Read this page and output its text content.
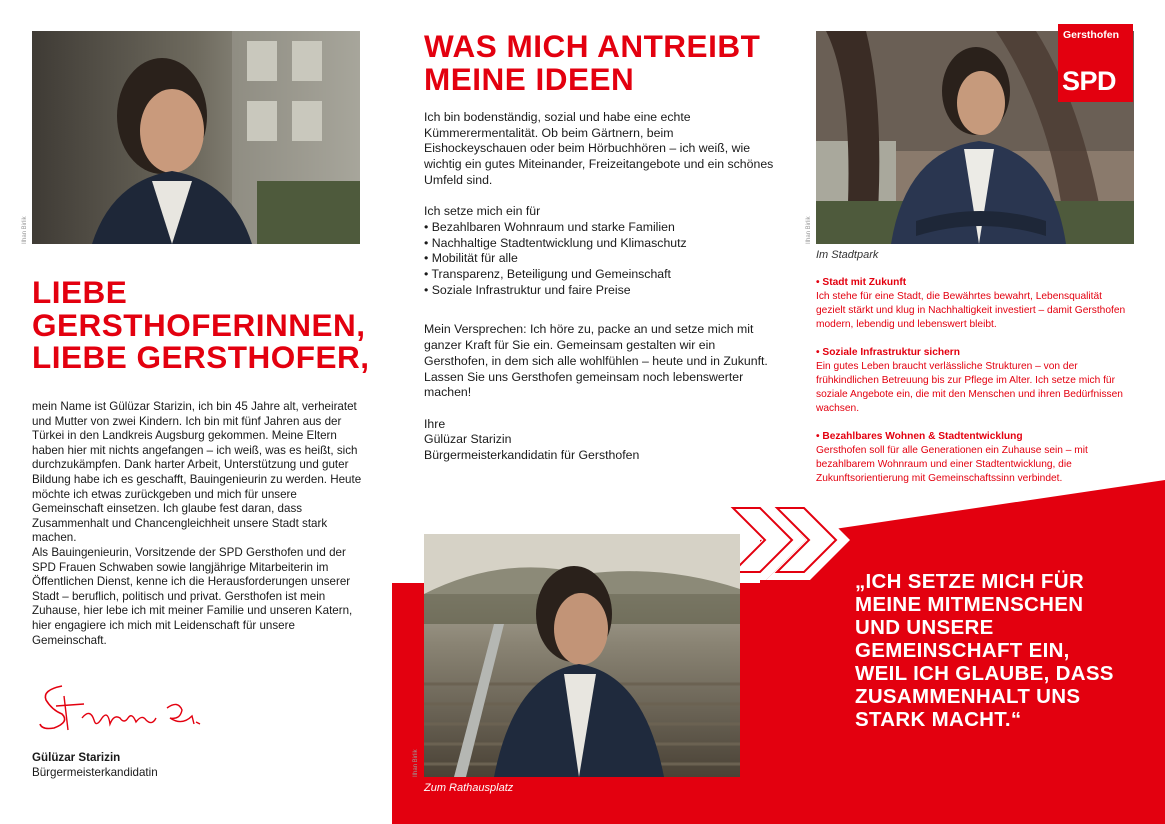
Ilhan Birlik
LIEBE
GERSTHOFERINNEN,
LIEBE GERSTHOFER,

mein Name ist Gülüzar Starizin, ich bin 45 Jahre alt, verheiratet und Mutter von zwei Kindern. Ich bin mit fünf Jahren aus der Türkei in den Landkreis Augsburg gekommen. Meine Eltern haben hier mit nichts angefangen – ich weiß, was es heißt, sich durchzukämpfen. Dank harter Arbeit, Unterstützung und guter Bildung habe ich es geschafft, Bauingenieurin zu werden. Heute möchte ich etwas zurückgeben und mich für unsere Gemeinschaft einsetzen. Ich glaube fest daran, dass Zusammenhalt und Chancengleichheit unsere Stadt stark machen.

Als Bauingenieurin, Vorsitzende der SPD Gersthofen und der SPD Frauen Schwaben sowie langjährige Mitarbeiterin im Öffentlichen Dienst, kenne ich die Herausforderungen unserer Stadt – beruflich, politisch und privat. Gersthofen ist mein Zuhause, hier lebe ich mit meiner Familie und unseren Katern, hier engagiere ich mich mit Leidenschaft für unsere Gemeinschaft.

Gülüzar Starizin
Bürgermeisterkandidatin
WAS MICH ANTREIBT
MEINE IDEEN

Ich bin bodenständig, sozial und habe eine echte Kümmerermentalität. Ob beim Gärtnern, beim Eishockeyschauen oder beim Hörbuchhören – ich weiß, wie wichtig ein gutes Miteinander, Freizeitangebote und ein schönes Umfeld sind.

Ich setze mich ein für

• Bezahlbaren Wohnraum und starke Familien
• Nachhaltige Stadtentwicklung und Klimaschutz
• Mobilität für alle
• Transparenz, Beteiligung und Gemeinschaft
• Soziale Infrastruktur und faire Preise

Mein Versprechen: Ich höre zu, packe an und setze mich mit ganzer Kraft für Sie ein. Gemeinsam gestalten wir ein Gersthofen, in dem sich alle wohlfühlen – heute und in Zukunft.

Lassen Sie uns Gersthofen gemeinsam noch lebenswerter machen!

Ihre

Gülüzar Starizin

Bürgermeisterkandidatin für Gersthofen

Ilhan Birlik
Zum Rathausplatz
Gersthofen
SPD
Ilhan Birlik
Im Stadtpark
• Stadt mit Zukunft
Ich stehe für eine Stadt, die Bewährtes bewahrt, Lebensqualität gezielt stärkt und klug in Nachhaltigkeit investiert – damit Gersthofen modern, lebendig und lebenswert bleibt.
• Soziale Infrastruktur sichern
Ein gutes Leben braucht verlässliche Strukturen – von der frühkindlichen Betreuung bis zur Pflege im Alter. Ich setze mich für soziale Angebote ein, die mit den Menschen und ihren Bedürfnissen wachsen.
• Bezahlbares Wohnen & Stadtentwicklung
Gersthofen soll für alle Generationen ein Zuhause sein – mit bezahlbarem Wohnraum und einer Stadtentwicklung, die Zukunftsorientierung mit Gemeinschaftssinn verbindet.
„ICH SETZE MICH FÜR
MEINE MITMENSCHEN
UND UNSERE
GEMEINSCHAFT EIN,
WEIL ICH GLAUBE, DASS
ZUSAMMENHALT UNS
STARK MACHT.“
